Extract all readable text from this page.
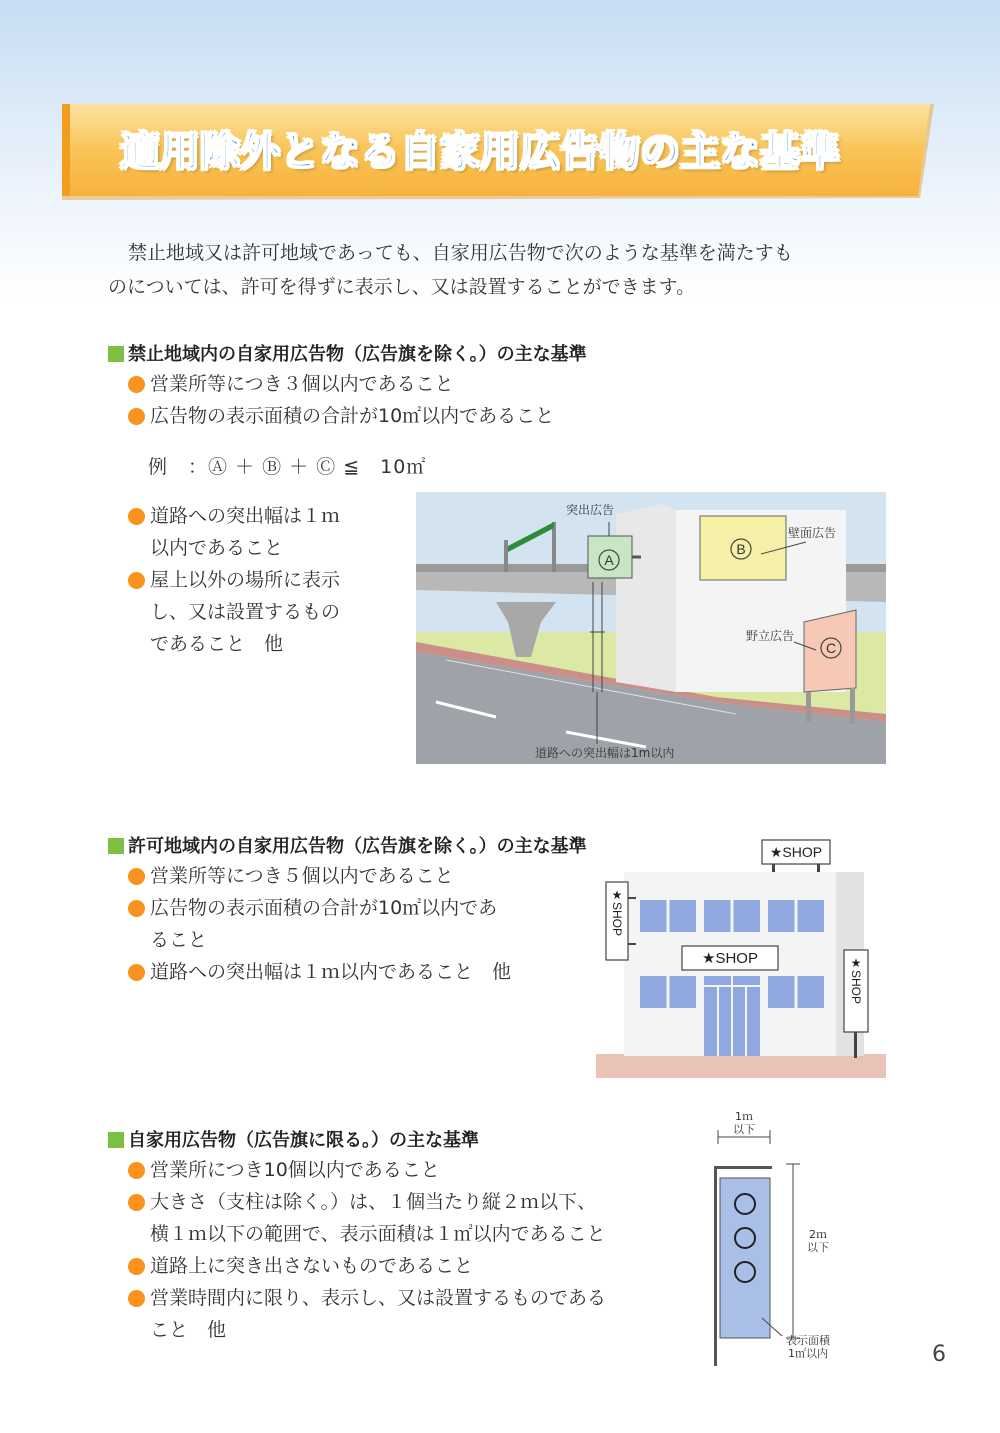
適用除外となる自家用広告物の主な基準
禁止地域又は許可地域であっても、自家用広告物で次のような基準を満たすも
のについては、許可を得ずに表示し、又は設置することができます。
禁止地域内の自家用広告物（広告旗を除く。）の主な基準
営業所等につき３個以内であること
広告物の表示面積の合計が10㎡以内であること
例　：Ⓐ ＋ Ⓑ ＋ Ⓒ ≦　10㎡
道路への突出幅は１ｍ
以内であること
屋上以外の場所に表示
し、又は設置するもの
であること　他
B
壁面広告
A
突出広告
道路への突出幅は1m以内
C
野立広告
許可地域内の自家用広告物（広告旗を除く。）の主な基準
営業所等につき５個以内であること
広告物の表示面積の合計が10㎡以内であ
ること
道路への突出幅は１ｍ以内であること　他
★SHOP
★SHOP
★SHOP
★SHOP
自家用広告物（広告旗に限る。）の主な基準
営業所につき10個以内であること
大きさ（支柱は除く。）は、１個当たり縦２ｍ以下、
横１ｍ以下の範囲で、表示面積は１㎡以内であること
道路上に突き出さないものであること
営業時間内に限り、表示し、又は設置するものである
こと　他
1ｍ
以下
2ｍ
以下
表示面積
1㎡以内	6
